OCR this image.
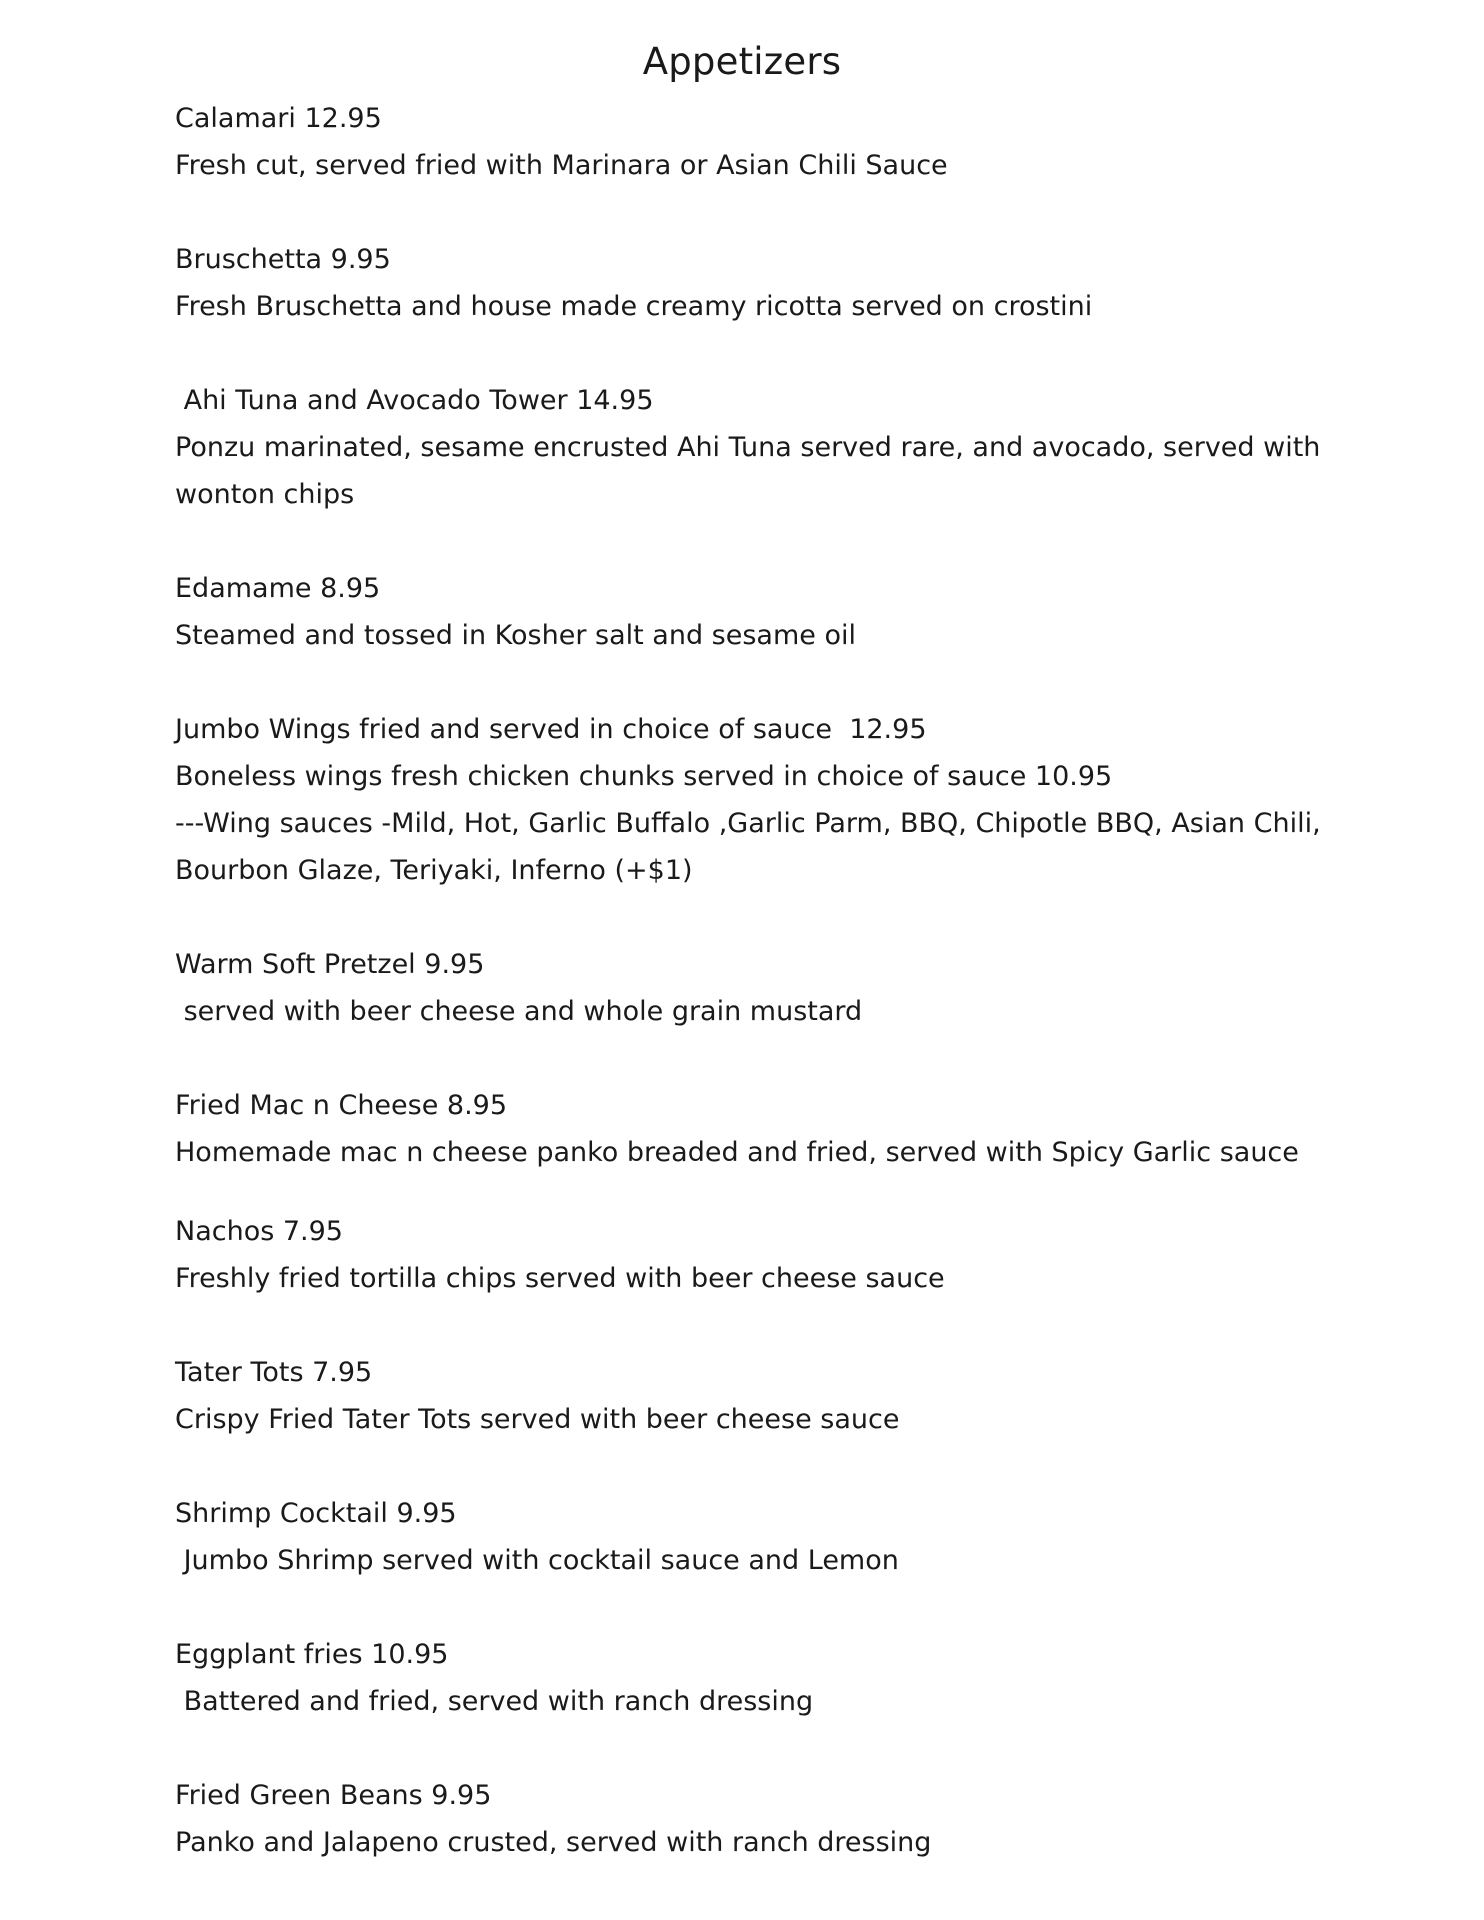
Appetizers
Calamari 12.95
Fresh cut, served fried with Marinara or Asian Chili Sauce
Bruschetta 9.95
Fresh Bruschetta and house made creamy ricotta served on crostini
Ahi Tuna and Avocado Tower 14.95
Ponzu marinated, sesame encrusted Ahi Tuna served rare, and avocado, served with wonton chips
Edamame 8.95
Steamed and tossed in Kosher salt and sesame oil
Jumbo Wings fried and served in choice of sauce  12.95
Boneless wings fresh chicken chunks served in choice of sauce 10.95
---Wing sauces -Mild, Hot, Garlic Buffalo ,Garlic Parm, BBQ, Chipotle BBQ, Asian Chili, Bourbon Glaze, Teriyaki, Inferno (+$1)
Warm Soft Pretzel 9.95
served with beer cheese and whole grain mustard
Fried Mac n Cheese 8.95
Homemade mac n cheese panko breaded and fried, served with Spicy Garlic sauce
Nachos 7.95
Freshly fried tortilla chips served with beer cheese sauce
Tater Tots 7.95
Crispy Fried Tater Tots served with beer cheese sauce
Shrimp Cocktail 9.95
Jumbo Shrimp served with cocktail sauce and Lemon
Eggplant fries 10.95
Battered and fried, served with ranch dressing
Fried Green Beans 9.95
Panko and Jalapeno crusted, served with ranch dressing
